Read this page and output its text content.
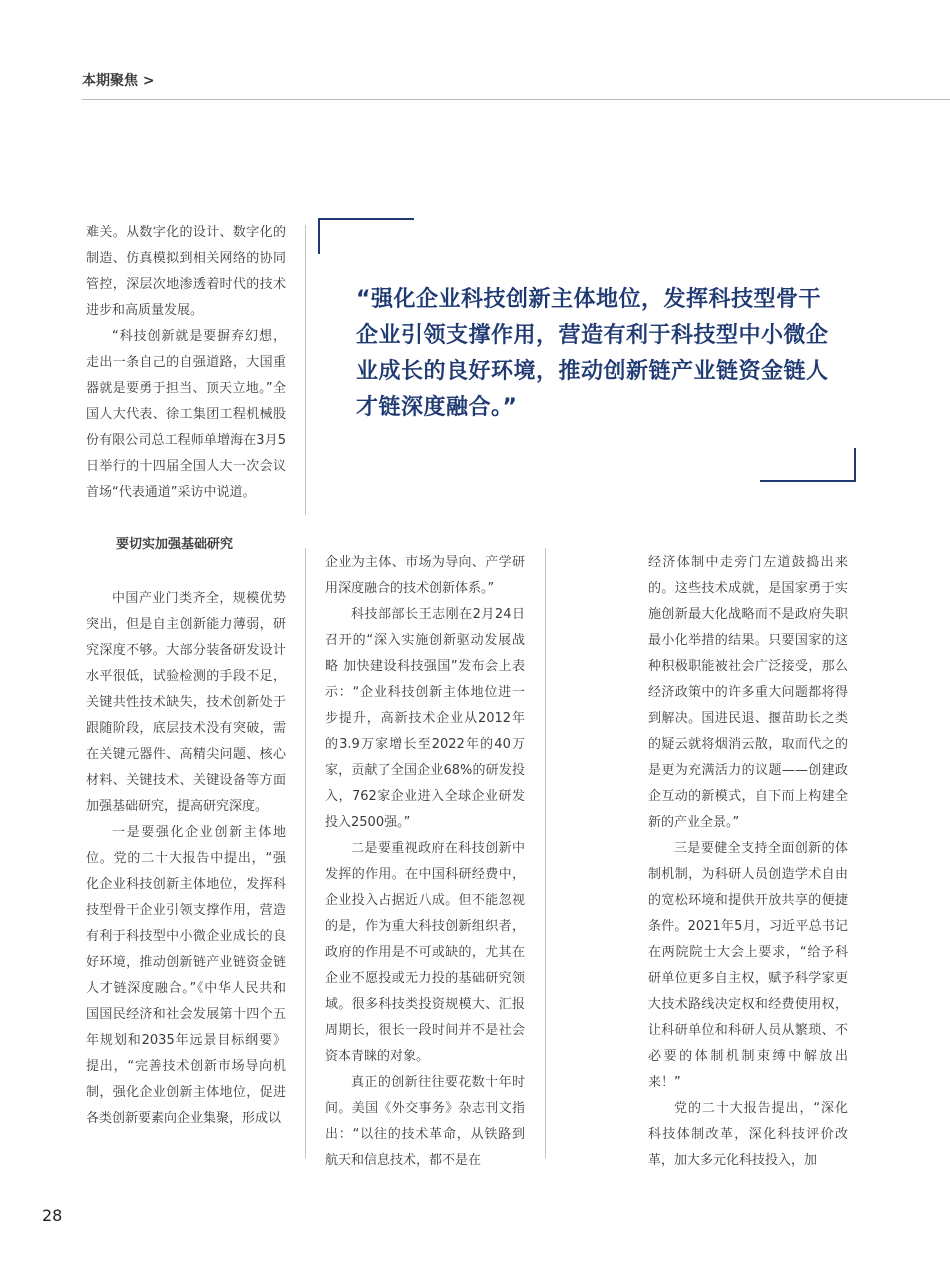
本期聚焦 >

“强化企业科技创新主体地位，发挥科技型骨干企业引领支撑作用，营造有利于科技型中小微企业成长的良好环境，推动创新链产业链资金链人才链深度融合。”

难关。从数字化的设计、数字化的制造、仿真模拟到相关网络的协同管控，深层次地渗透着时代的技术进步和高质量发展。

“科技创新就是要摒弃幻想，走出一条自己的自强道路，大国重器就是要勇于担当、顶天立地。”全国人大代表、徐工集团工程机械股份有限公司总工程师单增海在3月5日举行的十四届全国人大一次会议首场“代表通道”采访中说道。

要切实加强基础研究

中国产业门类齐全，规模优势突出，但是自主创新能力薄弱，研究深度不够。大部分装备研发设计水平很低，试验检测的手段不足，关键共性技术缺失，技术创新处于跟随阶段，底层技术没有突破，需在关键元器件、高精尖问题、核心材料、关键技术、关键设备等方面加强基础研究，提高研究深度。

一是要强化企业创新主体地位。党的二十大报告中提出，“强化企业科技创新主体地位，发挥科技型骨干企业引领支撑作用，营造有利于科技型中小微企业成长的良好环境，推动创新链产业链资金链人才链深度融合。”《中华人民共和国国民经济和社会发展第十四个五年规划和2035年远景目标纲要》提出，“完善技术创新市场导向机制，强化企业创新主体地位，促进各类创新要素向企业集聚，形成以

企业为主体、市场为导向、产学研用深度融合的技术创新体系。”

科技部部长王志刚在2月24日召开的“深入实施创新驱动发展战略 加快建设科技强国”发布会上表示：“企业科技创新主体地位进一步提升，高新技术企业从2012年的3.9万家增长至2022年的40万家，贡献了全国企业68%的研发投入，762家企业进入全球企业研发投入2500强。”

二是要重视政府在科技创新中发挥的作用。在中国科研经费中，企业投入占据近八成。但不能忽视的是，作为重大科技创新组织者，政府的作用是不可或缺的，尤其在企业不愿投或无力投的基础研究领域。很多科技类投资规模大、汇报周期长，很长一段时间并不是社会资本青睐的对象。

真正的创新往往要花数十年时间。美国《外交事务》杂志刊文指出：“以往的技术革命，从铁路到航天和信息技术，都不是在

经济体制中走旁门左道鼓捣出来的。这些技术成就，是国家勇于实施创新最大化战略而不是政府失职最小化举措的结果。只要国家的这种积极职能被社会广泛接受，那么经济政策中的许多重大问题都将得到解决。国进民退、揠苗助长之类的疑云就将烟消云散，取而代之的是更为充满活力的议题——创建政企互动的新模式，自下而上构建全新的产业全景。”

三是要健全支持全面创新的体制机制，为科研人员创造学术自由的宽松环境和提供开放共享的便捷条件。2021年5月，习近平总书记在两院院士大会上要求，“给予科研单位更多自主权，赋予科学家更大技术路线决定权和经费使用权，让科研单位和科研人员从繁琐、不必要的体制机制束缚中解放出来！”

党的二十大报告提出，“深化科技体制改革，深化科技评价改革，加大多元化科技投入，加

28
